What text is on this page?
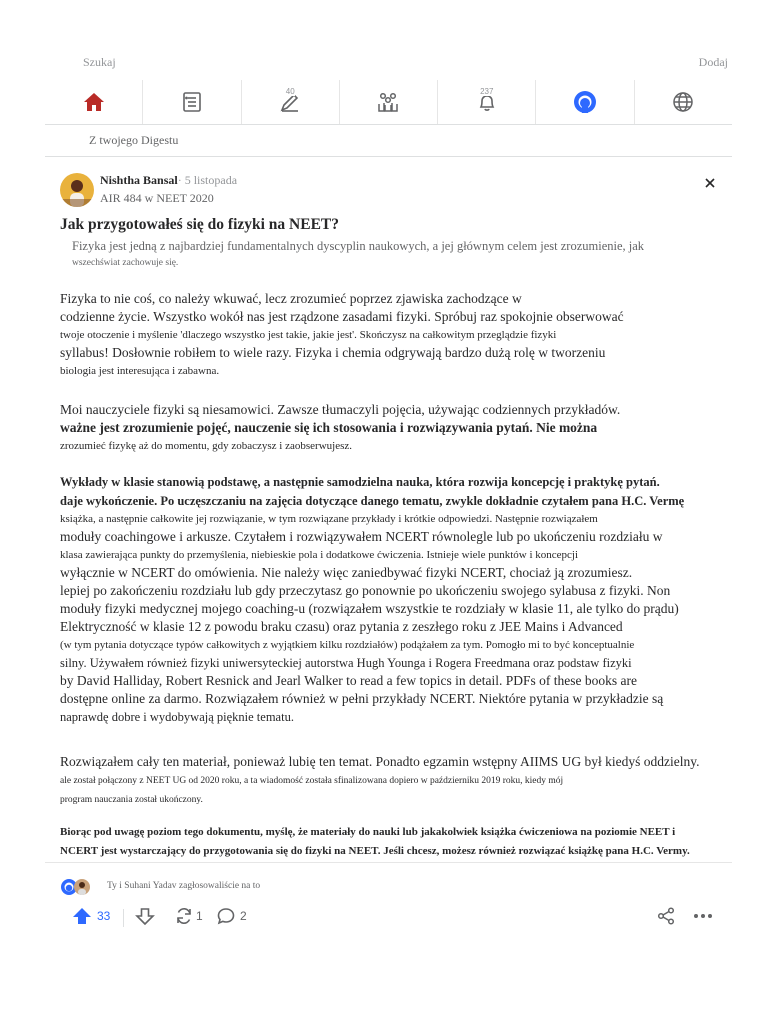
Szukaj	Dodaj
40	237
Z twojego Digestu
Nishtha Bansal· 5 listopada
AIR 484 w NEET 2020
Jak przygotowałeś się do fizyki na NEET?
Fizyka jest jedną z najbardziej fundamentalnych dyscyplin naukowych, a jej głównym celem jest zrozumienie, jak
wszechświat zachowuje się.
Fizyka to nie coś, co należy wkuwać, lecz zrozumieć poprzez zjawiska zachodzące w
codzienne życie. Wszystko wokół nas jest rządzone zasadami fizyki. Spróbuj raz spokojnie obserwować
twoje otoczenie i myślenie 'dlaczego wszystko jest takie, jakie jest'. Skończysz na całkowitym przeglądzie fizyki
syllabus! Dosłownie robiłem to wiele razy. Fizyka i chemia odgrywają bardzo dużą rolę w tworzeniu
biologia jest interesująca i zabawna.
Moi nauczyciele fizyki są niesamowici. Zawsze tłumaczyli pojęcia, używając codziennych przykładów.
ważne jest zrozumienie pojęć, nauczenie się ich stosowania i rozwiązywania pytań. Nie można
zrozumieć fizykę aż do momentu, gdy zobaczysz i zaobserwujesz.
Wykłady w klasie stanowią podstawę, a następnie samodzielna nauka, która rozwija koncepcję i praktykę pytań.
daje wykończenie. Po uczęszczaniu na zajęcia dotyczące danego tematu, zwykle dokładnie czytałem pana H.C. Vermę
książka, a następnie całkowite jej rozwiązanie, w tym rozwiązane przykłady i krótkie odpowiedzi. Następnie rozwiązałem
moduły coachingowe i arkusze. Czytałem i rozwiązywałem NCERT równolegle lub po ukończeniu rozdziału w
klasa zawierająca punkty do przemyślenia, niebieskie pola i dodatkowe ćwiczenia. Istnieje wiele punktów i koncepcji
wyłącznie w NCERT do omówienia. Nie należy więc zaniedbywać fizyki NCERT, chociaż ją zrozumiesz.
lepiej po zakończeniu rozdziału lub gdy przeczytasz go ponownie po ukończeniu swojego sylabusa z fizyki. Non
moduły fizyki medycznej mojego coaching-u (rozwiązałem wszystkie te rozdziały w klasie 11, ale tylko do prądu)
Elektryczność w klasie 12 z powodu braku czasu) oraz pytania z zeszłego roku z JEE Mains i Advanced
(w tym pytania dotyczące typów całkowitych z wyjątkiem kilku rozdziałów) podążałem za tym. Pomogło mi to być konceptualnie
silny. Używałem również fizyki uniwersyteckiej autorstwa Hugh Younga i Rogera Freedmana oraz podstaw fizyki
by David Halliday, Robert Resnick and Jearl Walker to read a few topics in detail. PDFs of these books are
dostępne online za darmo. Rozwiązałem również w pełni przykłady NCERT. Niektóre pytania w przykładzie są
naprawdę dobre i wydobywają pięknie tematu.
Rozwiązałem cały ten materiał, ponieważ lubię ten temat. Ponadto egzamin wstępny AIIMS UG był kiedyś oddzielny.
ale został połączony z NEET UG od 2020 roku, a ta wiadomość została sfinalizowana dopiero w październiku 2019 roku, kiedy mój
program nauczania został ukończony.
Biorąc pod uwagę poziom tego dokumentu, myślę, że materiały do nauki lub jakakolwiek książka ćwiczeniowa na poziomie NEET i
NCERT jest wystarczający do przygotowania się do fizyki na NEET. Jeśli chcesz, możesz również rozwiązać książkę pana H.C. Vermy.
Ty i Suhani Yadav zagłosowaliście na to
33	1	2
